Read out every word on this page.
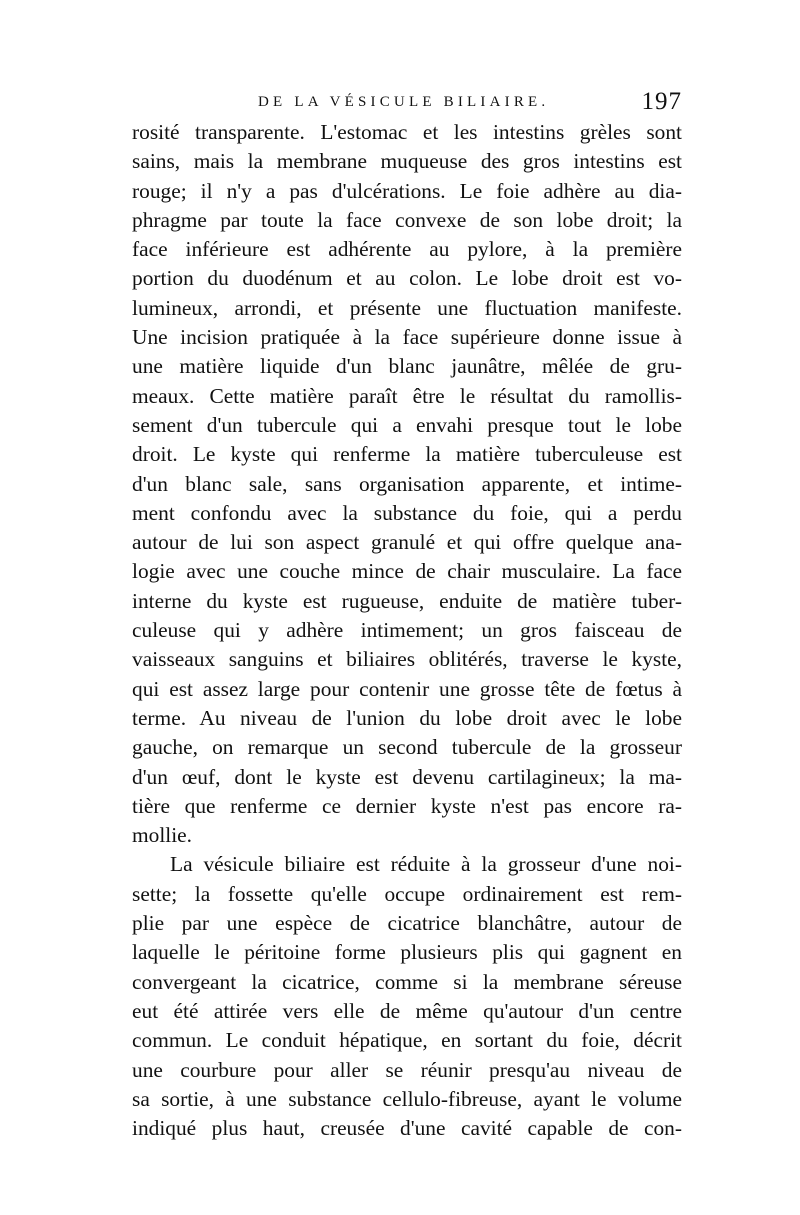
DE LA VÉSICULE BILIAIRE.	197
rosité transparente. L'estomac et les intestins grèles sont
sains, mais la membrane muqueuse des gros intestins est
rouge; il n'y a pas d'ulcérations. Le foie adhère au dia-
phragme par toute la face convexe de son lobe droit; la
face inférieure est adhérente au pylore, à la première
portion du duodénum et au colon. Le lobe droit est vo-
lumineux, arrondi, et présente une fluctuation manifeste.
Une incision pratiquée à la face supérieure donne issue à
une matière liquide d'un blanc jaunâtre, mêlée de gru-
meaux. Cette matière paraît être le résultat du ramollis-
sement d'un tubercule qui a envahi presque tout le lobe
droit. Le kyste qui renferme la matière tuberculeuse est
d'un blanc sale, sans organisation apparente, et intime-
ment confondu avec la substance du foie, qui a perdu
autour de lui son aspect granulé et qui offre quelque ana-
logie avec une couche mince de chair musculaire. La face
interne du kyste est rugueuse, enduite de matière tuber-
culeuse qui y adhère intimement; un gros faisceau de
vaisseaux sanguins et biliaires oblitérés, traverse le kyste,
qui est assez large pour contenir une grosse tête de fœtus à
terme. Au niveau de l'union du lobe droit avec le lobe
gauche, on remarque un second tubercule de la grosseur
d'un œuf, dont le kyste est devenu cartilagineux; la ma-
tière que renferme ce dernier kyste n'est pas encore ra-
mollie.
La vésicule biliaire est réduite à la grosseur d'une noi-
sette; la fossette qu'elle occupe ordinairement est rem-
plie par une espèce de cicatrice blanchâtre, autour de
laquelle le péritoine forme plusieurs plis qui gagnent en
convergeant la cicatrice, comme si la membrane séreuse
eut été attirée vers elle de même qu'autour d'un centre
commun. Le conduit hépatique, en sortant du foie, décrit
une courbure pour aller se réunir presqu'au niveau de
sa sortie, à une substance cellulo-fibreuse, ayant le volume
indiqué plus haut, creusée d'une cavité capable de con-
